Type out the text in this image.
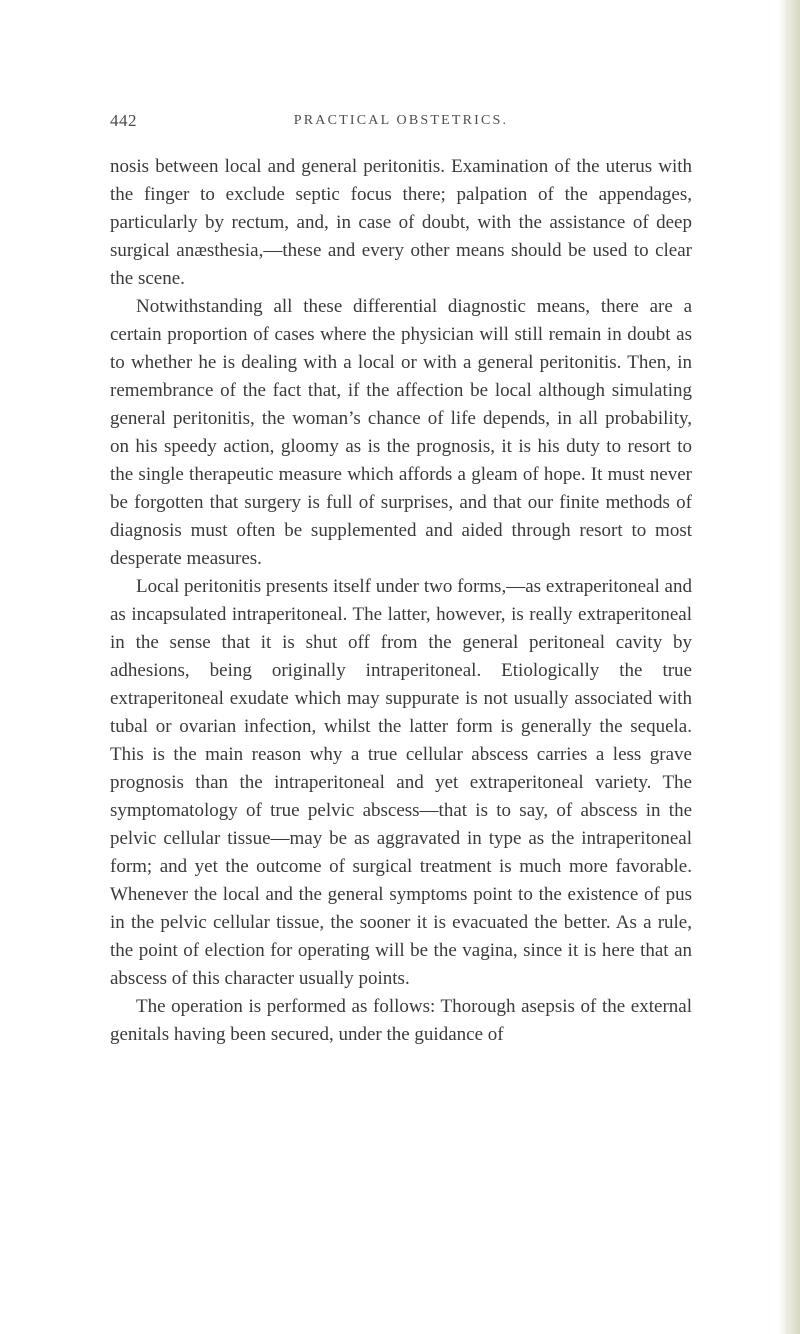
442	PRACTICAL OBSTETRICS.

nosis between local and general peritonitis. Examination of the uterus with the finger to exclude septic focus there; palpation of the appendages, particularly by rectum, and, in case of doubt, with the assistance of deep surgical anæsthesia,—these and every other means should be used to clear the scene.

Notwithstanding all these differential diagnostic means, there are a certain proportion of cases where the physician will still remain in doubt as to whether he is dealing with a local or with a general peritonitis. Then, in remembrance of the fact that, if the affection be local although simulating general peritonitis, the woman’s chance of life depends, in all probability, on his speedy action, gloomy as is the prognosis, it is his duty to resort to the single therapeutic measure which affords a gleam of hope. It must never be forgotten that surgery is full of surprises, and that our finite methods of diagnosis must often be supplemented and aided through resort to most desperate measures.

Local peritonitis presents itself under two forms,—as extraperitoneal and as incapsulated intraperitoneal. The latter, however, is really extraperitoneal in the sense that it is shut off from the general peritoneal cavity by adhesions, being originally intraperitoneal. Etiologically the true extraperitoneal exudate which may suppurate is not usually associated with tubal or ovarian infection, whilst the latter form is generally the sequela. This is the main reason why a true cellular abscess carries a less grave prognosis than the intraperitoneal and yet extraperitoneal variety. The symptomatology of true pelvic abscess—that is to say, of abscess in the pelvic cellular tissue—may be as aggravated in type as the intraperitoneal form; and yet the outcome of surgical treatment is much more favorable. Whenever the local and the general symptoms point to the existence of pus in the pelvic cellular tissue, the sooner it is evacuated the better. As a rule, the point of election for operating will be the vagina, since it is here that an abscess of this character usually points.

The operation is performed as follows: Thorough asepsis of the external genitals having been secured, under the guidance of
